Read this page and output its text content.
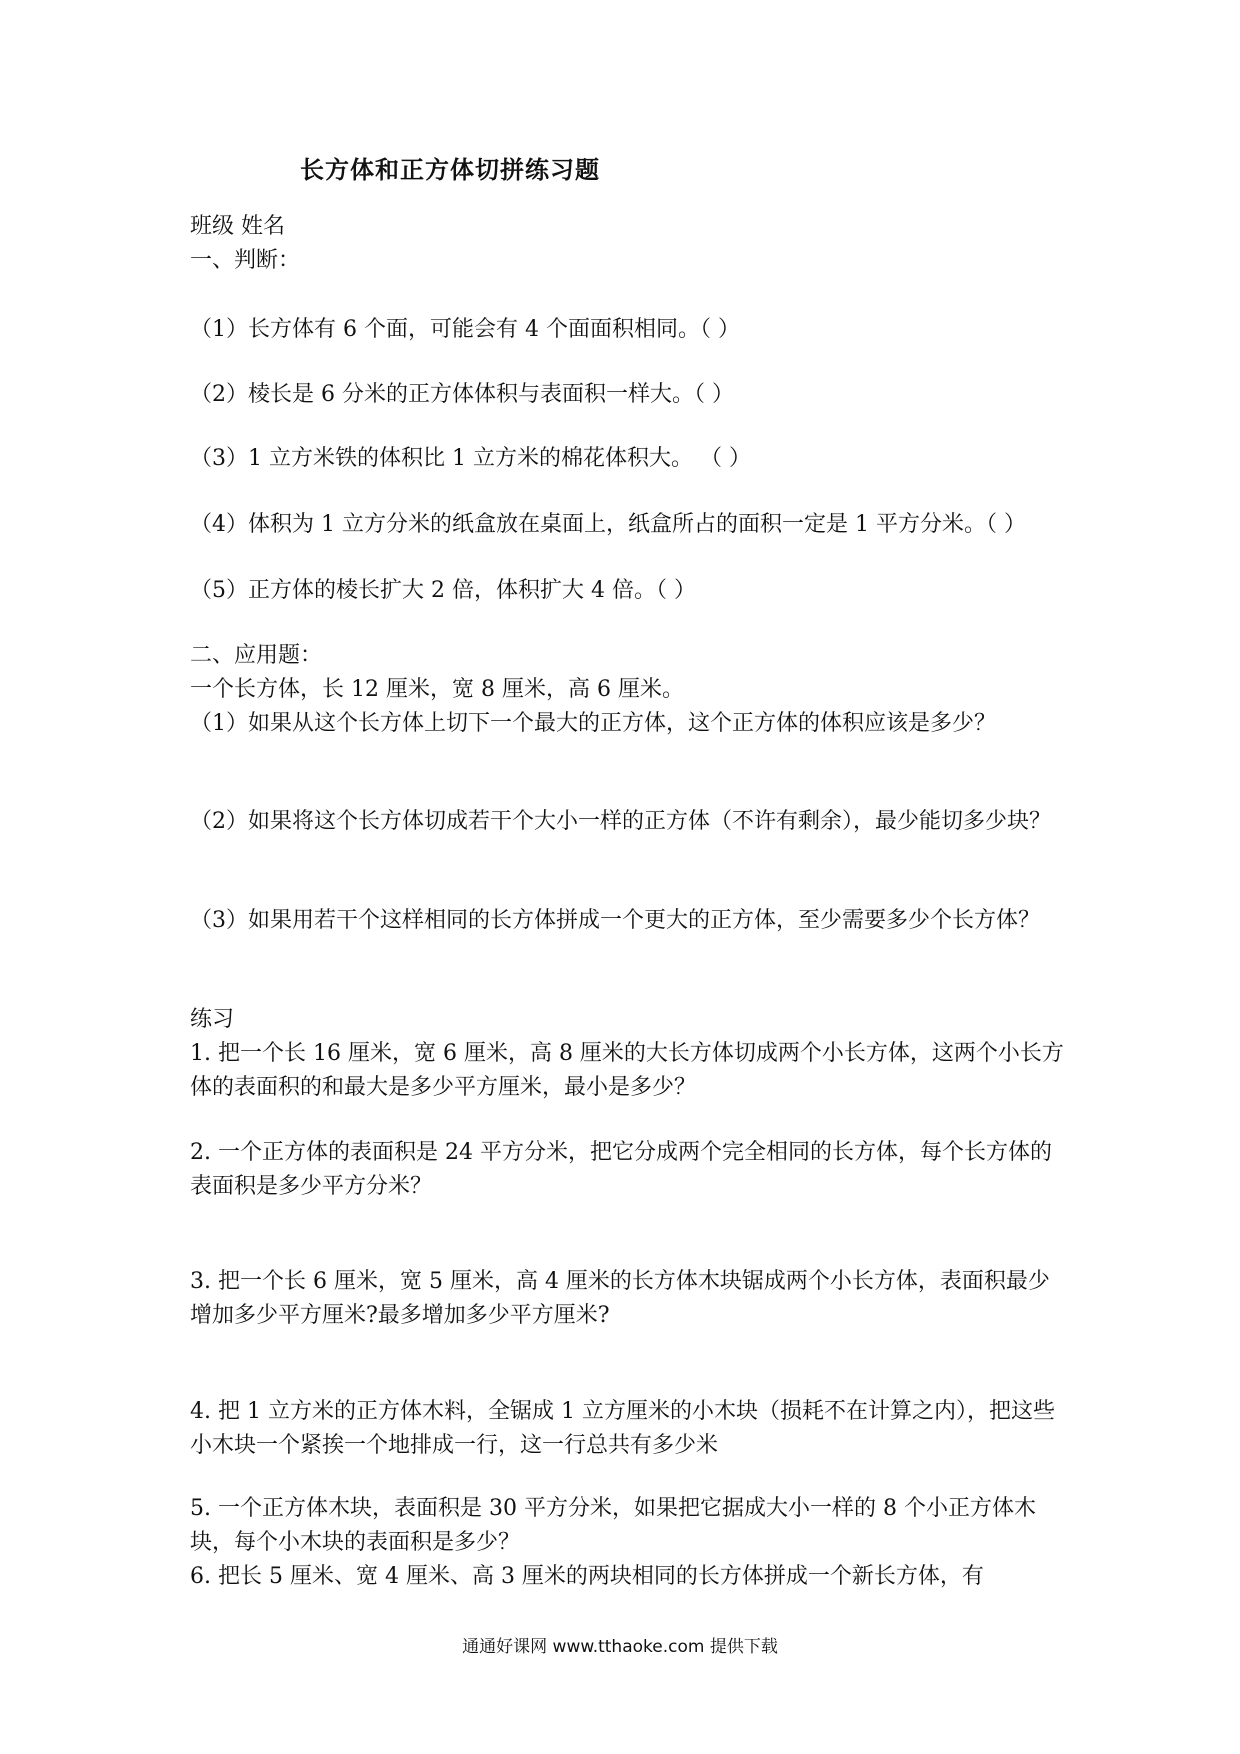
长方体和正方体切拼练习题
班级 姓名
一、判断：
（1）长方体有 6 个面，可能会有 4 个面面积相同。（ ）
（2）棱长是 6 分米的正方体体积与表面积一样大。（ ）
（3）1 立方米铁的体积比 1 立方米的棉花体积大。 （ ）
（4）体积为 1 立方分米的纸盒放在桌面上，纸盒所占的面积一定是 1 平方分米。（ ）
（5）正方体的棱长扩大 2 倍，体积扩大 4 倍。（ ）
二、应用题：
一个长方体，长 12 厘米，宽 8 厘米，高 6 厘米。
（1）如果从这个长方体上切下一个最大的正方体，这个正方体的体积应该是多少？
（2）如果将这个长方体切成若干个大小一样的正方体（不许有剩余），最少能切多少块？
（3）如果用若干个这样相同的长方体拼成一个更大的正方体，至少需要多少个长方体？
练习
1. 把一个长 16 厘米，宽 6 厘米，高 8 厘米的大长方体切成两个小长方体，这两个小长方体的表面积的和最大是多少平方厘米，最小是多少？
2. 一个正方体的表面积是 24 平方分米，把它分成两个完全相同的长方体，每个长方体的表面积是多少平方分米？
3. 把一个长 6 厘米，宽 5 厘米，高 4 厘米的长方体木块锯成两个小长方体，表面积最少增加多少平方厘米?最多增加多少平方厘米?
4. 把 1 立方米的正方体木料，全锯成 1 立方厘米的小木块（损耗不在计算之内），把这些小木块一个紧挨一个地排成一行，这一行总共有多少米
5. 一个正方体木块，表面积是 30 平方分米，如果把它据成大小一样的 8 个小正方体木块，每个小木块的表面积是多少？
6. 把长 5 厘米、宽 4 厘米、高 3 厘米的两块相同的长方体拼成一个新长方体，有
通通好课网 www.tthaoke.com 提供下载
